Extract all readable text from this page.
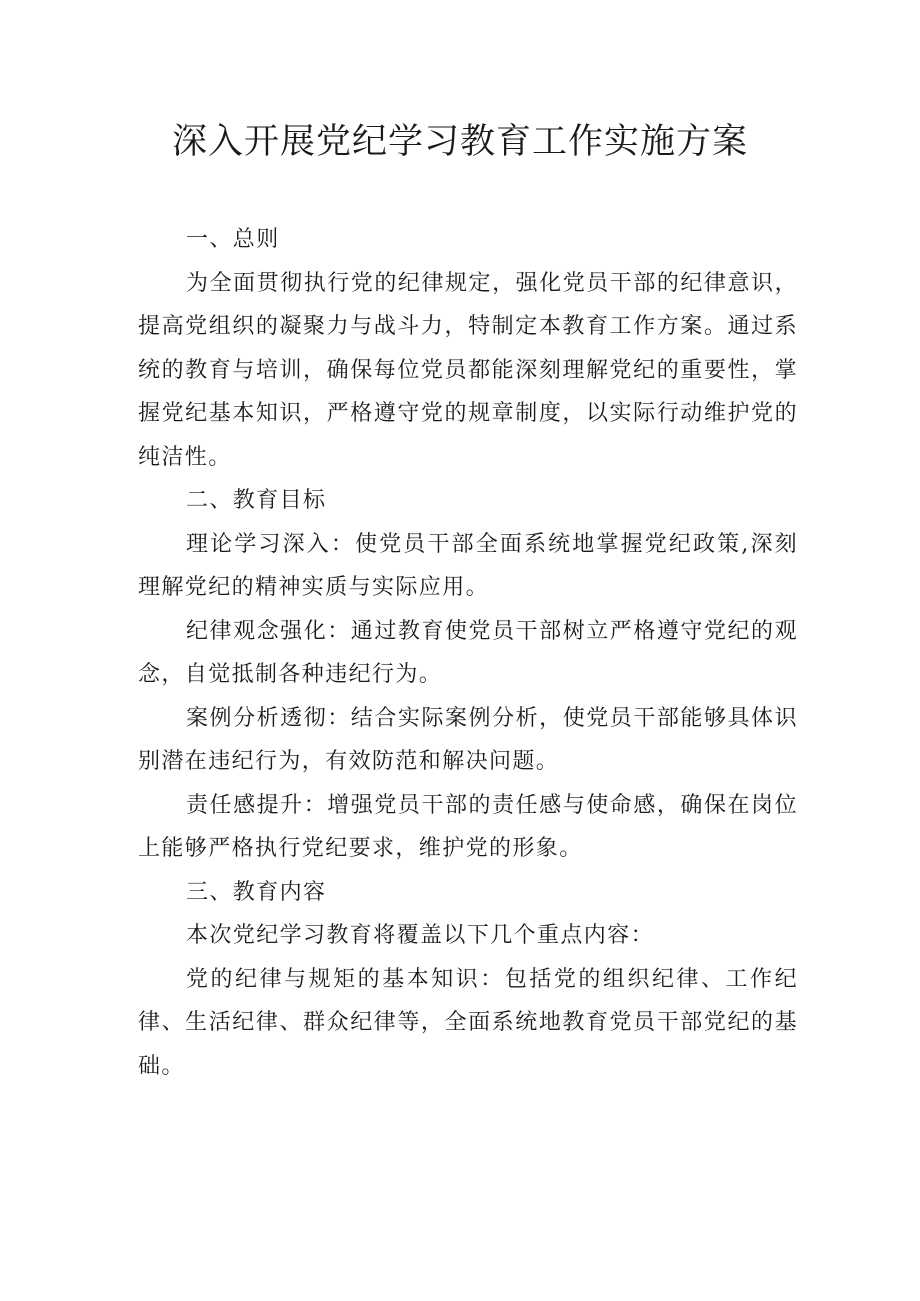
深入开展党纪学习教育工作实施方案

一、总则

为全面贯彻执行党的纪律规定，强化党员干部的纪律意识，提高党组织的凝聚力与战斗力，特制定本教育工作方案。通过系统的教育与培训，确保每位党员都能深刻理解党纪的重要性，掌握党纪基本知识，严格遵守党的规章制度，以实际行动维护党的纯洁性。

二、教育目标

理论学习深入：使党员干部全面系统地掌握党纪政策,深刻理解党纪的精神实质与实际应用。

纪律观念强化：通过教育使党员干部树立严格遵守党纪的观念，自觉抵制各种违纪行为。

案例分析透彻：结合实际案例分析，使党员干部能够具体识别潜在违纪行为，有效防范和解决问题。

责任感提升：增强党员干部的责任感与使命感，确保在岗位上能够严格执行党纪要求，维护党的形象。

三、教育内容

本次党纪学习教育将覆盖以下几个重点内容：

党的纪律与规矩的基本知识：包括党的组织纪律、工作纪律、生活纪律、群众纪律等，全面系统地教育党员干部党纪的基础。
